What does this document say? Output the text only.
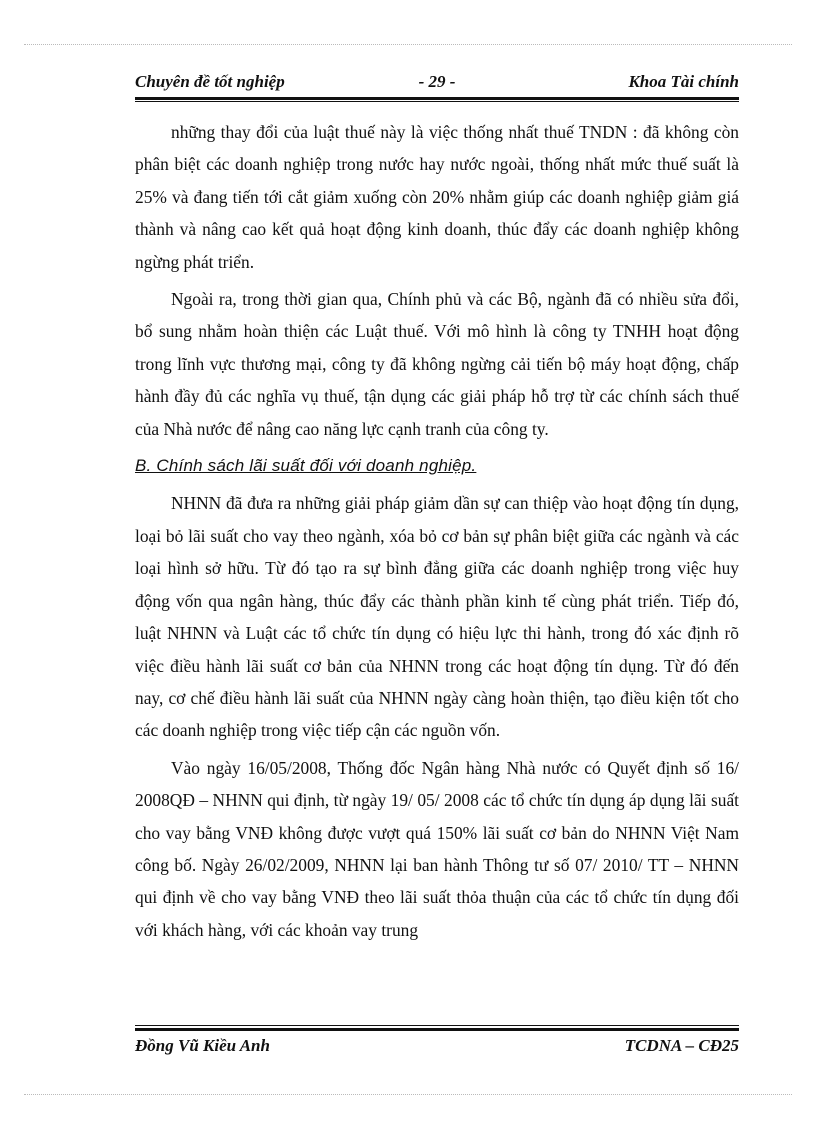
Chuyên đề tốt nghiệp	- 29 -	Khoa Tài chính

những thay đổi của luật thuế này là việc thống nhất thuế TNDN : đã không còn phân biệt các doanh nghiệp trong nước hay nước ngoài, thống nhất mức thuế suất là 25% và đang tiến tới cắt giảm xuống còn 20% nhằm giúp các doanh nghiệp giảm giá thành và nâng cao kết quả hoạt động kinh doanh, thúc đẩy các doanh nghiệp không ngừng phát triển.

Ngoài ra, trong thời gian qua, Chính phủ và các Bộ, ngành đã có nhiều sửa đổi, bổ sung nhằm hoàn thiện các Luật thuế. Với mô hình là công ty TNHH hoạt động trong lĩnh vực thương mại, công ty đã không ngừng cải tiến bộ máy hoạt động, chấp hành đầy đủ các nghĩa vụ thuế, tận dụng các giải pháp hỗ trợ từ các chính sách thuế của Nhà nước để nâng cao năng lực cạnh tranh của công ty.

B. Chính sách lãi suất đối với doanh nghiệp.

NHNN đã đưa ra những giải pháp giảm dần sự can thiệp vào hoạt động tín dụng, loại bỏ lãi suất cho vay theo ngành, xóa bỏ cơ bản sự phân biệt giữa các ngành và các loại hình sở hữu. Từ đó tạo ra sự bình đẳng giữa các doanh nghiệp trong việc huy động vốn qua ngân hàng, thúc đẩy các thành phần kinh tế cùng phát triển. Tiếp đó, luật NHNN và Luật các tổ chức tín dụng có hiệu lực thi hành, trong đó xác định rõ việc điều hành lãi suất cơ bản của NHNN trong các hoạt động tín dụng. Từ đó đến nay, cơ chế điều hành lãi suất của NHNN ngày càng hoàn thiện, tạo điều kiện tốt cho các doanh nghiệp trong việc tiếp cận các nguồn vốn.

Vào ngày 16/05/2008, Thống đốc Ngân hàng Nhà nước có Quyết định số 16/ 2008QĐ – NHNN qui định, từ ngày 19/ 05/ 2008 các tổ chức tín dụng áp dụng lãi suất cho vay bằng VNĐ không được vượt quá 150% lãi suất cơ bản do NHNN Việt Nam công bố. Ngày 26/02/2009, NHNN lại ban hành Thông tư số 07/ 2010/ TT – NHNN qui định về cho vay bằng VNĐ theo lãi suất thỏa thuận của các tổ chức tín dụng đối với khách hàng, với các khoản vay trung

Đồng Vũ Kiều Anh	TCDNA – CĐ25
